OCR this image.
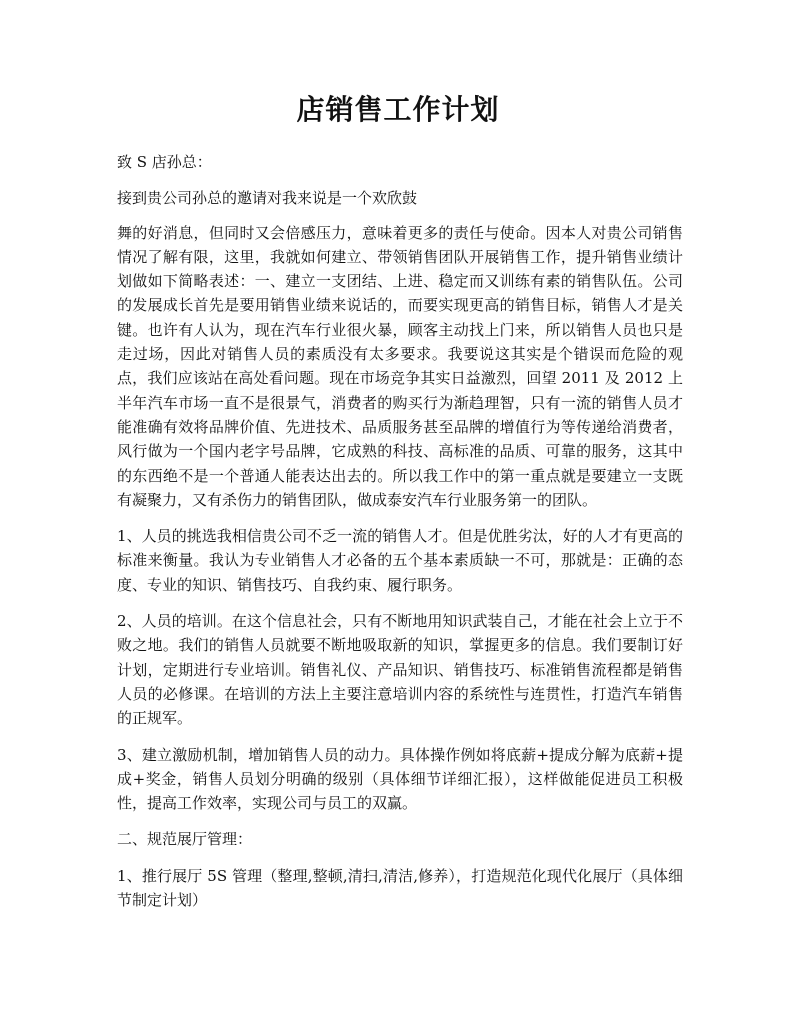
店销售工作计划

致 S 店孙总：

接到贵公司孙总的邀请对我来说是一个欢欣鼓

舞的好消息，但同时又会倍感压力，意味着更多的责任与使命。因本人对贵公司销售情况了解有限，这里，我就如何建立、带领销售团队开展销售工作，提升销售业绩计划做如下简略表述：一、建立一支团结、上进、稳定而又训练有素的销售队伍。公司的发展成长首先是要用销售业绩来说话的，而要实现更高的销售目标，销售人才是关键。也许有人认为，现在汽车行业很火暴，顾客主动找上门来，所以销售人员也只是走过场，因此对销售人员的素质没有太多要求。我要说这其实是个错误而危险的观点，我们应该站在高处看问题。现在市场竞争其实日益激烈，回望 2011 及 2012 上半年汽车市场一直不是很景气，消费者的购买行为渐趋理智，只有一流的销售人员才能准确有效将品牌价值、先进技术、品质服务甚至品牌的增值行为等传递给消费者，风行做为一个国内老字号品牌，它成熟的科技、高标准的品质、可靠的服务，这其中的东西绝不是一个普通人能表达出去的。所以我工作中的第一重点就是要建立一支既有凝聚力，又有杀伤力的销售团队，做成泰安汽车行业服务第一的团队。

1、人员的挑选我相信贵公司不乏一流的销售人才。但是优胜劣汰，好的人才有更高的标准来衡量。我认为专业销售人才必备的五个基本素质缺一不可，那就是：正确的态度、专业的知识、销售技巧、自我约束、履行职务。

2、人员的培训。在这个信息社会，只有不断地用知识武装自己，才能在社会上立于不败之地。我们的销售人员就要不断地吸取新的知识，掌握更多的信息。我们要制订好计划，定期进行专业培训。销售礼仪、产品知识、销售技巧、标准销售流程都是销售人员的必修课。在培训的方法上主要注意培训内容的系统性与连贯性，打造汽车销售的正规军。

3、建立激励机制，增加销售人员的动力。具体操作例如将底薪+提成分解为底薪+提成+奖金，销售人员划分明确的级别（具体细节详细汇报），这样做能促进员工积极性，提高工作效率，实现公司与员工的双赢。

二、规范展厅管理：

1、推行展厅 5S 管理（整理,整顿,清扫,清洁,修养），打造规范化现代化展厅（具体细节制定计划）
